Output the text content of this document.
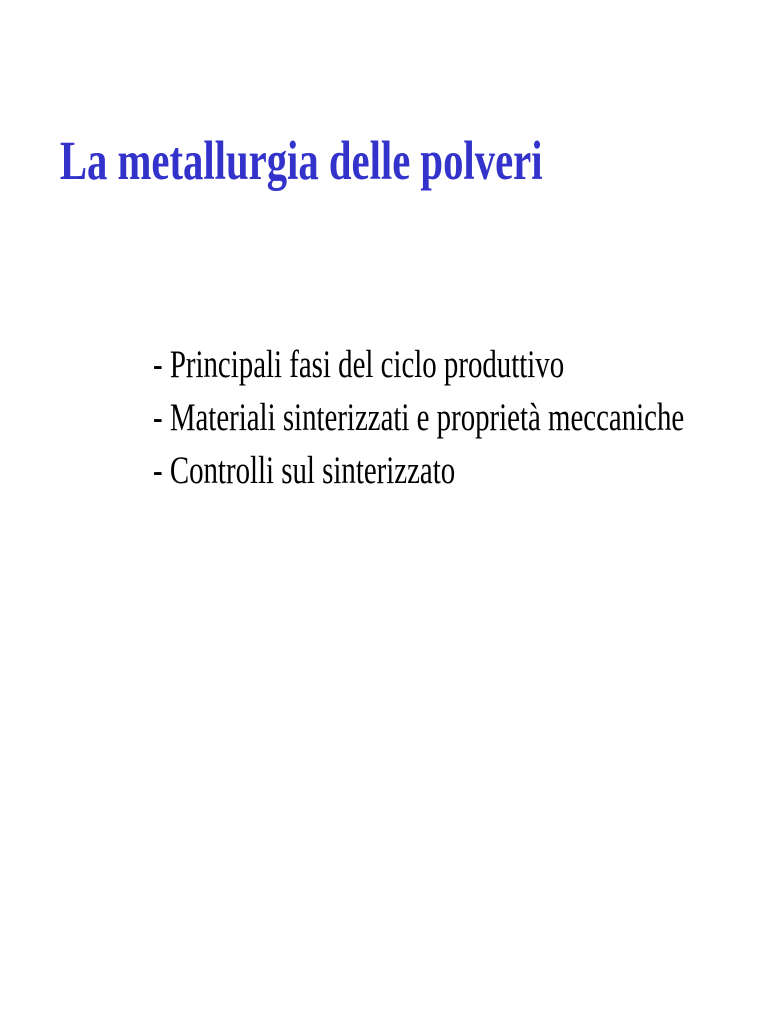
La metallurgia delle polveri
- Principali fasi del ciclo produttivo
- Materiali sinterizzati e proprietà meccaniche
- Controlli sul sinterizzato
